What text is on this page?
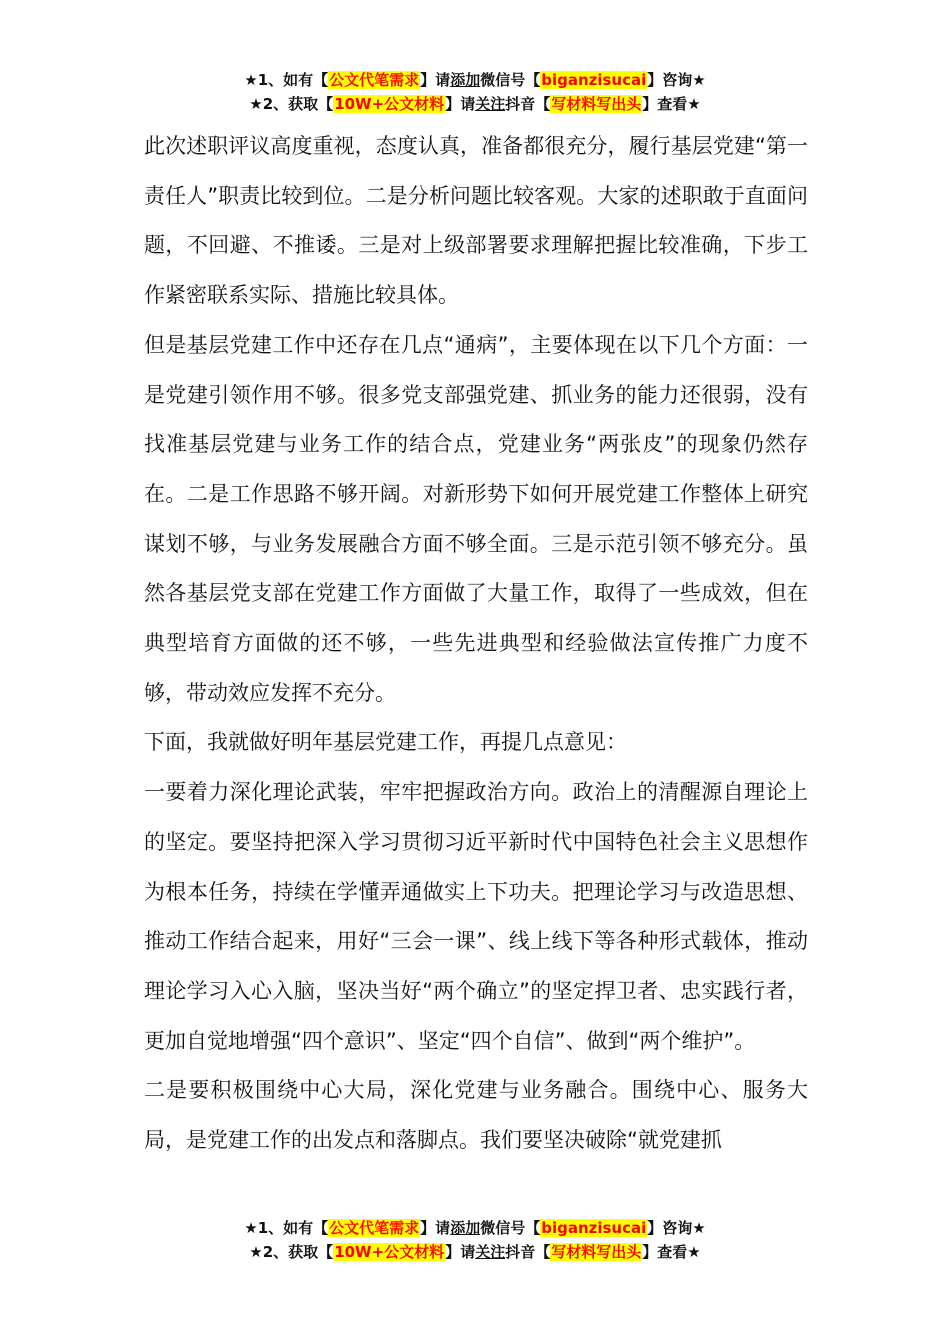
★1、如有【公文代笔需求】请添加微信号【biganzisucai】咨询★
★2、获取【10W+公文材料】请关注抖音【写材料写出头】查看★

此次述职评议高度重视，态度认真，准备都很充分，履行基层党建“第一责任人”职责比较到位。二是分析问题比较客观。大家的述职敢于直面问题，不回避、不推诿。三是对上级部署要求理解把握比较准确，下步工作紧密联系实际、措施比较具体。

但是基层党建工作中还存在几点“通病”，主要体现在以下几个方面：一是党建引领作用不够。很多党支部强党建、抓业务的能力还很弱，没有找准基层党建与业务工作的结合点，党建业务“两张皮”的现象仍然存在。二是工作思路不够开阔。对新形势下如何开展党建工作整体上研究谋划不够，与业务发展融合方面不够全面。三是示范引领不够充分。虽然各基层党支部在党建工作方面做了大量工作，取得了一些成效，但在典型培育方面做的还不够，一些先进典型和经验做法宣传推广力度不够，带动效应发挥不充分。

下面，我就做好明年基层党建工作，再提几点意见：

一要着力深化理论武装，牢牢把握政治方向。政治上的清醒源自理论上的坚定。要坚持把深入学习贯彻习近平新时代中国特色社会主义思想作为根本任务，持续在学懂弄通做实上下功夫。把理论学习与改造思想、推动工作结合起来，用好“三会一课”、线上线下等各种形式载体，推动理论学习入心入脑，坚决当好“两个确立”的坚定捍卫者、忠实践行者，更加自觉地增强“四个意识”、坚定“四个自信”、做到“两个维护”。

二是要积极围绕中心大局，深化党建与业务融合。围绕中心、服务大局，是党建工作的出发点和落脚点。我们要坚决破除“就党建抓

★1、如有【公文代笔需求】请添加微信号【biganzisucai】咨询★
★2、获取【10W+公文材料】请关注抖音【写材料写出头】查看★
